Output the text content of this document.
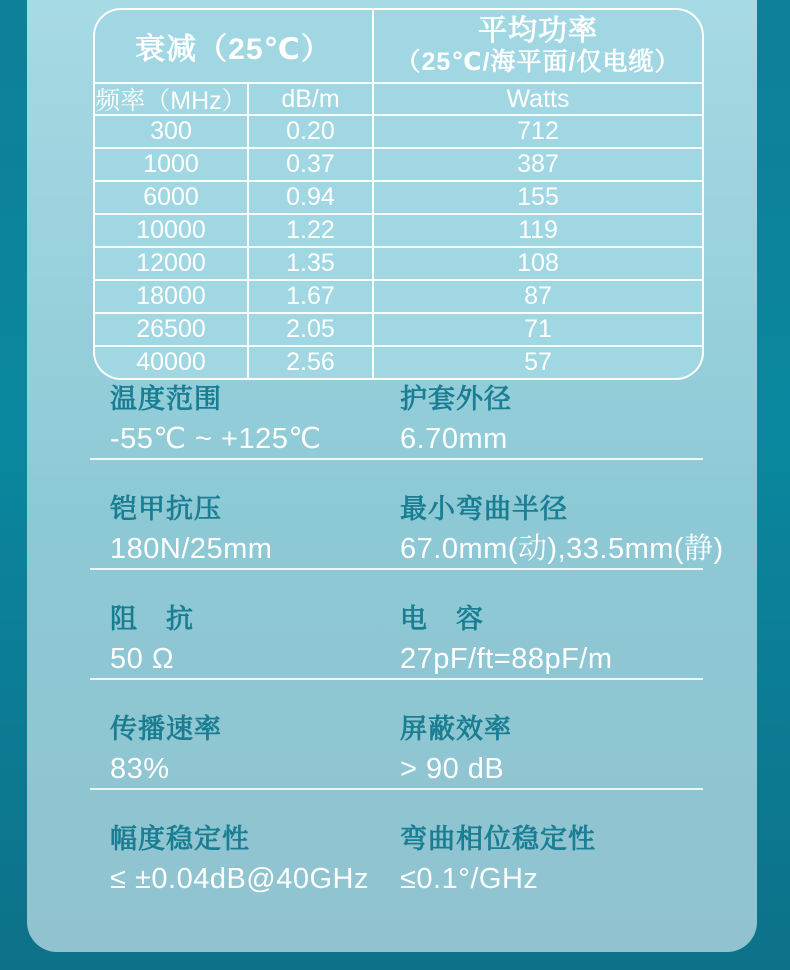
衰减（25℃）
平均功率
（25℃/海平面/仅电缆）
频率（MHz）	dB/m	Watts
300	0.20	712
1000	0.37	387
6000	0.94	155
10000	1.22	119
12000	1.35	108
18000	1.67	87
26500	2.05	71
40000	2.56	57
温度范围
-55℃ ~ +125℃
护套外径
6.70mm
铠甲抗压
180N/25mm
最小弯曲半径
67.0mm(动),33.5mm(静)
阻　抗
50 Ω
电　容
27pF/ft=88pF/m
传播速率
83%
屏蔽效率
> 90 dB
幅度稳定性
≤ ±0.04dB@40GHz
弯曲相位稳定性
≤0.1°/GHz
